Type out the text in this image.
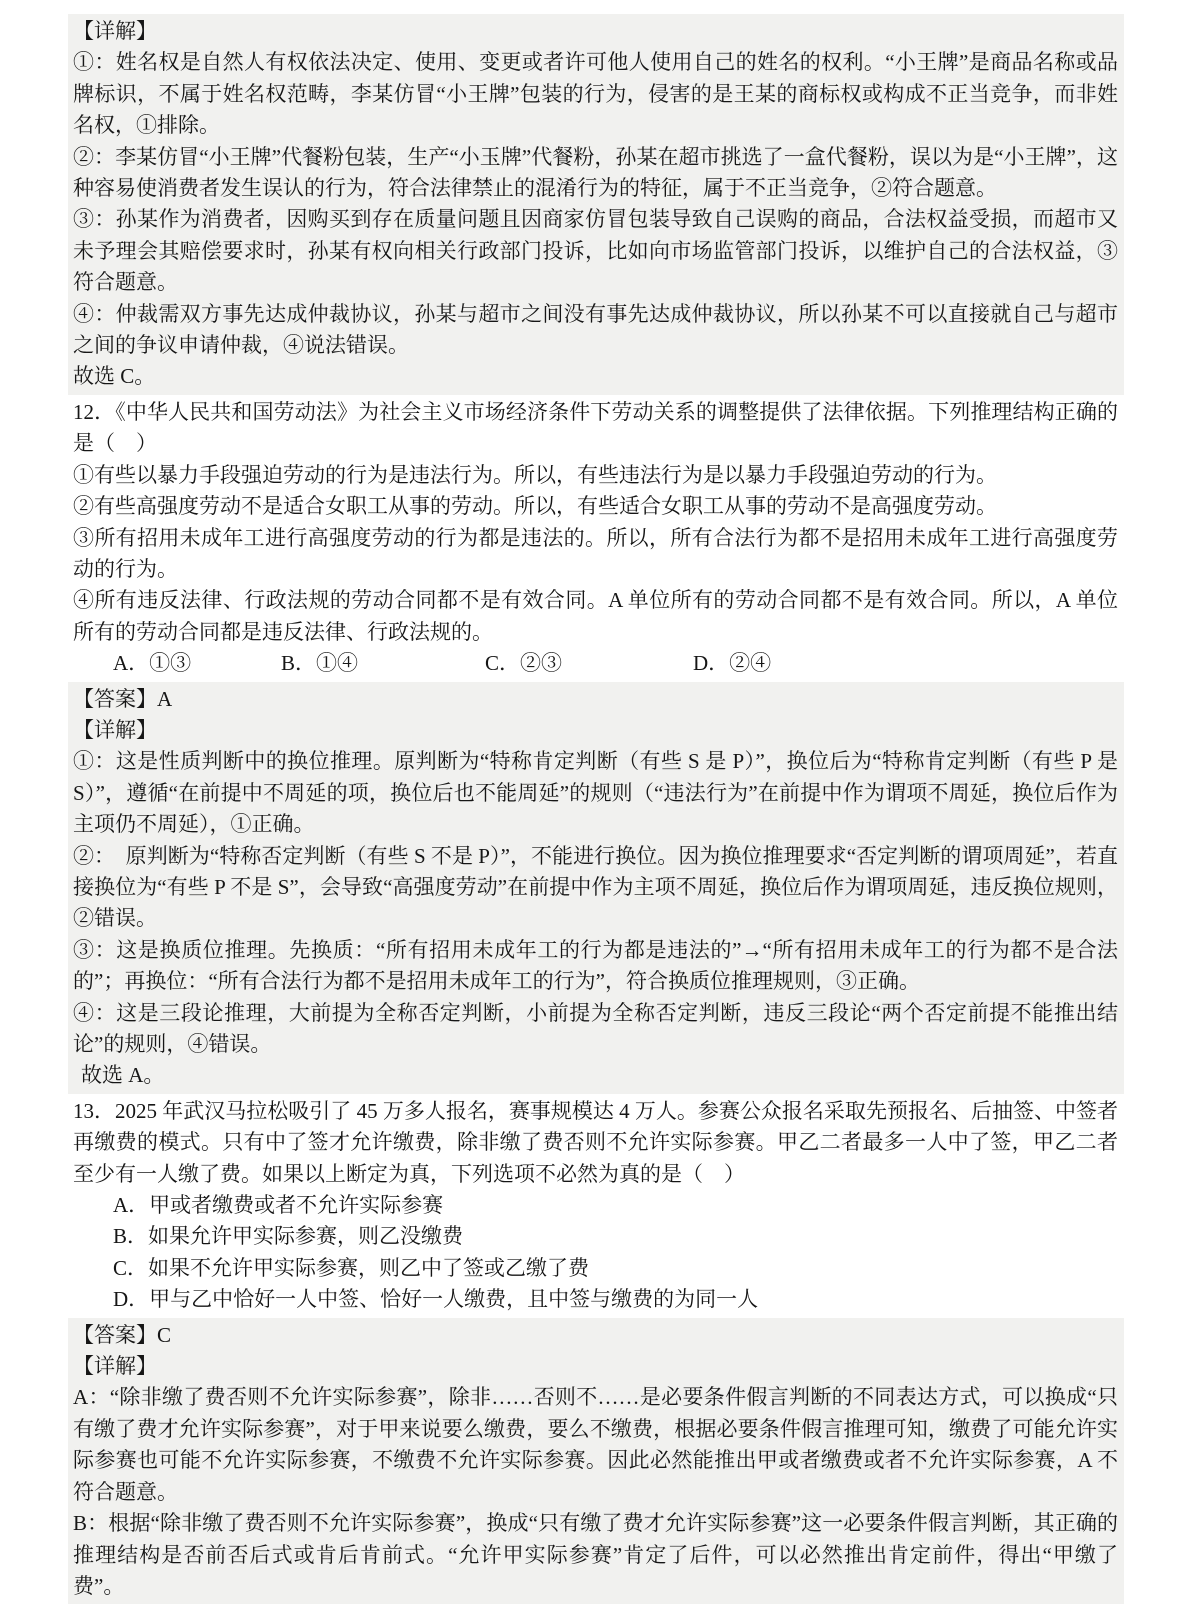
【详解】

①：姓名权是自然人有权依法决定、使用、变更或者许可他人使用自己的姓名的权利。“小王牌”是商品名称或品牌标识，不属于姓名权范畴，李某仿冒“小王牌”包装的行为，侵害的是王某的商标权或构成不正当竞争，而非姓名权，①排除。

②：李某仿冒“小王牌”代餐粉包装，生产“小玉牌”代餐粉，孙某在超市挑选了一盒代餐粉，误以为是“小王牌”，这种容易使消费者发生误认的行为，符合法律禁止的混淆行为的特征，属于不正当竞争，②符合题意。

③：孙某作为消费者，因购买到存在质量问题且因商家仿冒包装导致自己误购的商品，合法权益受损，而超市又未予理会其赔偿要求时，孙某有权向相关行政部门投诉，比如向市场监管部门投诉，以维护自己的合法权益，③符合题意。

④：仲裁需双方事先达成仲裁协议，孙某与超市之间没有事先达成仲裁协议，所以孙某不可以直接就自己与超市之间的争议申请仲裁，④说法错误。

故选 C。

12．《中华人民共和国劳动法》为社会主义市场经济条件下劳动关系的调整提供了法律依据。下列推理结构正确的是（　）

①有些以暴力手段强迫劳动的行为是违法行为。所以，有些违法行为是以暴力手段强迫劳动的行为。

②有些高强度劳动不是适合女职工从事的劳动。所以，有些适合女职工从事的劳动不是高强度劳动。

③所有招用未成年工进行高强度劳动的行为都是违法的。所以，所有合法行为都不是招用未成年工进行高强度劳动的行为。

④所有违反法律、行政法规的劳动合同都不是有效合同。A 单位所有的劳动合同都不是有效合同。所以，A 单位所有的劳动合同都是违反法律、行政法规的。

A．①③	B．①④	C．②③	D．②④

【答案】A

【详解】

①：这是性质判断中的换位推理。原判断为“特称肯定判断（有些 S 是 P）”，换位后为“特称肯定判断（有些 P 是 S）”，遵循“在前提中不周延的项，换位后也不能周延”的规则（“违法行为”在前提中作为谓项不周延，换位后作为主项仍不周延），①正确。

②：　原判断为“特称否定判断（有些 S 不是 P）”，不能进行换位。因为换位推理要求“否定判断的谓项周延”，若直接换位为“有些 P 不是 S”，会导致“高强度劳动”在前提中作为主项不周延，换位后作为谓项周延，违反换位规则，②错误。

③：这是换质位推理。先换质：“所有招用未成年工的行为都是违法的”→“所有招用未成年工的行为都不是合法的”；再换位：“所有合法行为都不是招用未成年工的行为”，符合换质位推理规则，③正确。

④：这是三段论推理，大前提为全称否定判断，小前提为全称否定判断，违反三段论“两个否定前提不能推出结论”的规则，④错误。

故选 A。

13．2025 年武汉马拉松吸引了 45 万多人报名，赛事规模达 4 万人。参赛公众报名采取先预报名、后抽签、中签者再缴费的模式。只有中了签才允许缴费，除非缴了费否则不允许实际参赛。甲乙二者最多一人中了签，甲乙二者至少有一人缴了费。如果以上断定为真，下列选项不必然为真的是（　）

A．甲或者缴费或者不允许实际参赛

B．如果允许甲实际参赛，则乙没缴费

C．如果不允许甲实际参赛，则乙中了签或乙缴了费

D．甲与乙中恰好一人中签、恰好一人缴费，且中签与缴费的为同一人

【答案】C

【详解】

A：“除非缴了费否则不允许实际参赛”，除非……否则不……是必要条件假言判断的不同表达方式，可以换成“只有缴了费才允许实际参赛”，对于甲来说要么缴费，要么不缴费，根据必要条件假言推理可知，缴费了可能允许实际参赛也可能不允许实际参赛，不缴费不允许实际参赛。因此必然能推出甲或者缴费或者不允许实际参赛，A 不符合题意。

B：根据“除非缴了费否则不允许实际参赛”，换成“只有缴了费才允许实际参赛”这一必要条件假言判断，其正确的推理结构是否前否后式或肯后肯前式。“允许甲实际参赛”肯定了后件，可以必然推出肯定前件，得出“甲缴了费”。
